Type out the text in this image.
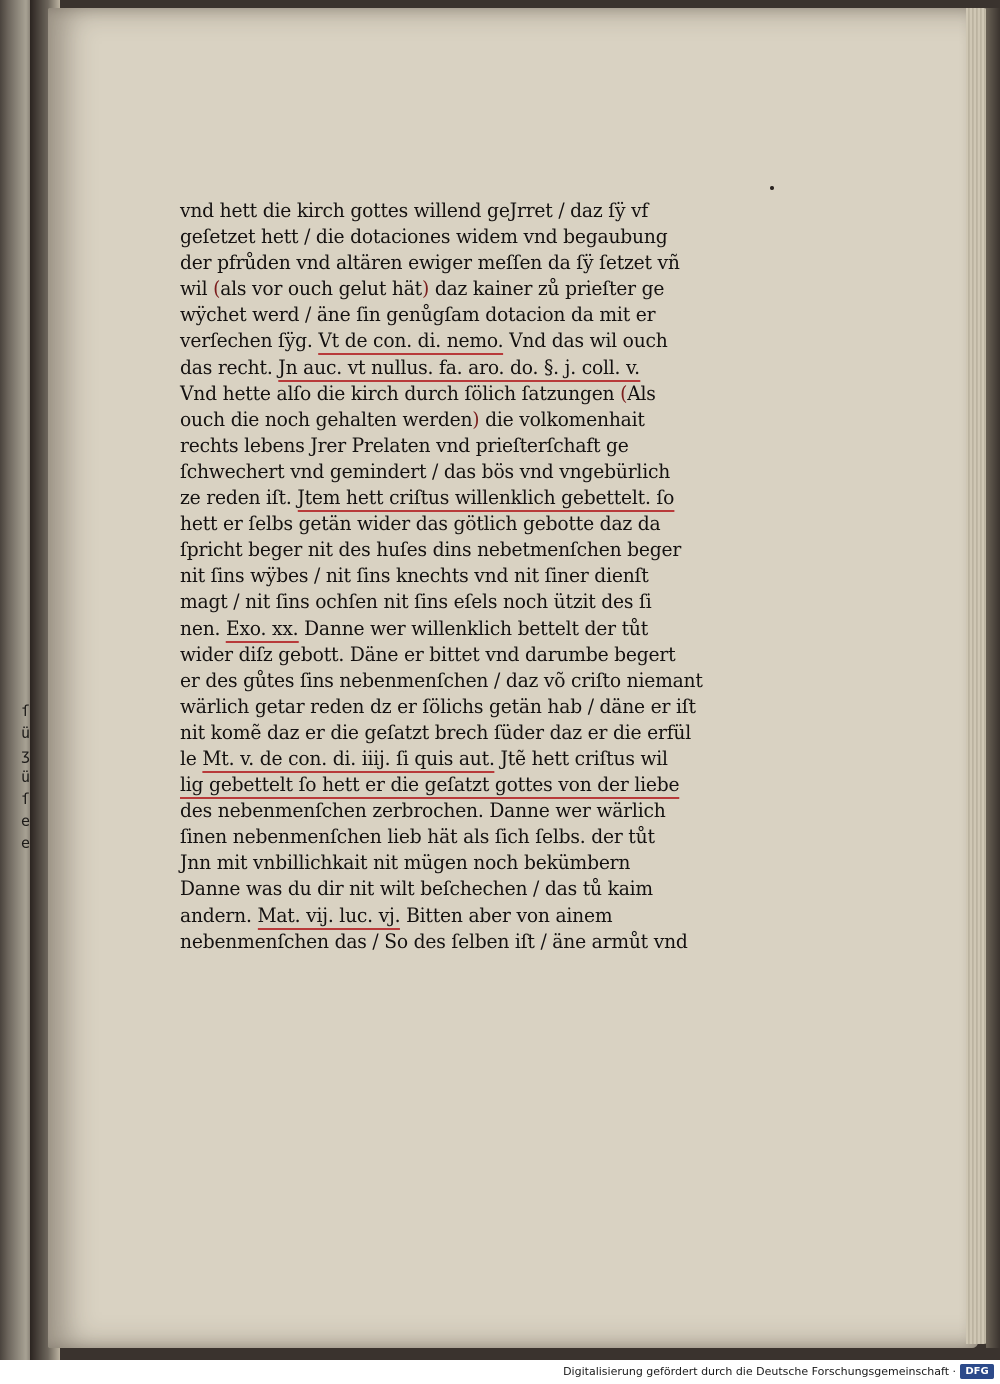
ſ
ü
ʒ
ü
ſ
e
e
vnd hett die kirch gottes willend geJrret / daz ſÿ vf
geſetzet hett / die dotaciones widem vnd begaubung
der pfrůden vnd altären ewiger meſſen da ſÿ ſetzet vñ
wil (als vor ouch gelut hät) daz kainer zů prieſter ge
wÿchet werd / äne ſin genůgſam dotacion da mit er
verſechen ſÿg. Vt de con. di. nemo. Vnd das wil ouch
das recht. Jn auc. vt nullus. fa. aro. do. §. j. coll. v.
Vnd hette alſo die kirch durch ſölich ſatzungen (Als
ouch die noch gehalten werden) die volkomenhait
rechts lebens Jrer Prelaten vnd prieſterſchaft ge
ſchwechert vnd gemindert / das bös vnd vngebürlich
ze reden iſt. Jtem hett criſtus willenklich gebettelt. ſo
hett er ſelbs getän wider das götlich gebotte daz da
ſpricht beger nit des huſes dins nebetmenſchen beger
nit ſins wÿbes / nit ſins knechts vnd nit ſiner dienſt
magt / nit ſins ochſen nit ſins eſels noch ützit des ſi
nen. Exo. xx. Danne wer willenklich bettelt der tůt
wider diſz gebott. Däne er bittet vnd darumbe begert
er des gůtes ſins nebenmenſchen / daz võ criſto niemant
wärlich getar reden dz er ſölichs getän hab / däne er iſt
nit komẽ daz er die geſatzt brech ſüder daz er die erfül
le Mt. v. de con. di. iiij. ſi quis aut. Jtẽ hett criſtus wil
lig gebettelt ſo hett er die geſatzt gottes von der liebe
des nebenmenſchen zerbrochen. Danne wer wärlich
ſinen nebenmenſchen lieb hät als ſich ſelbs. der tůt
Jnn mit vnbillichkait nit mügen noch bekümbern
Danne was du dir nit wilt beſchechen / das tů kaim
andern. Mat. vij. luc. vj. Bitten aber von ainem
nebenmenſchen das / So des ſelben iſt / äne armůt vnd
Digitalisierung gefördert durch die Deutsche Forschungsgemeinschaft · DFG
